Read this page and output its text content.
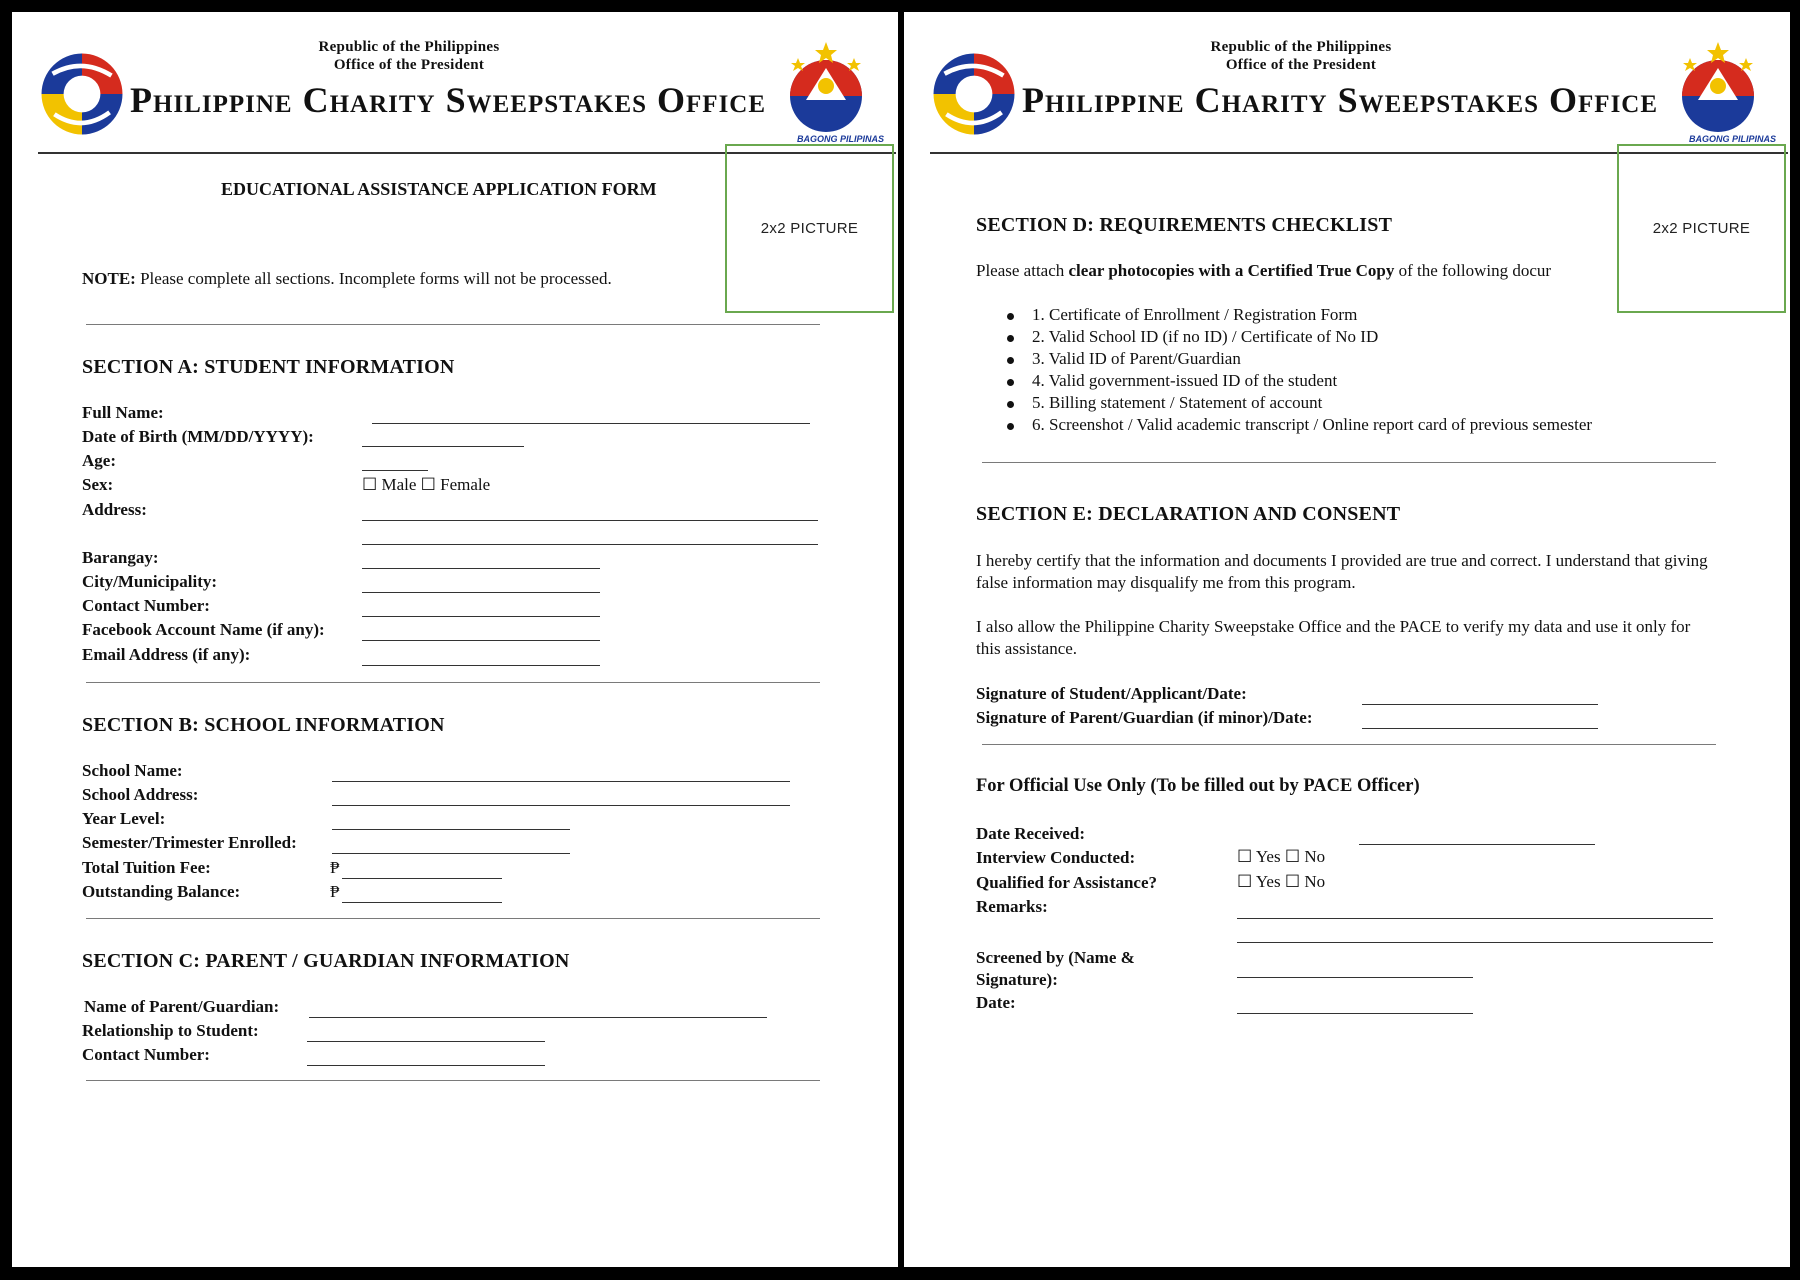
Republic of the Philippines
Office of the President
Philippine Charity Sweepstakes Office
BAGONG PILIPINAS
2x2 PICTURE
EDUCATIONAL ASSISTANCE APPLICATION FORM
NOTE: Please complete all sections. Incomplete forms will not be processed.
SECTION A: STUDENT INFORMATION
Full Name:
Date of Birth (MM/DD/YYYY):
Age:
Sex:	☐ Male ☐ Female
Address:
Barangay:
City/Municipality:
Contact Number:
Facebook Account Name (if any):
Email Address (if any):
SECTION B: SCHOOL INFORMATION
School Name:
School Address:
Year Level:
Semester/Trimester Enrolled:
Total Tuition Fee:	₱
Outstanding Balance:	₱
SECTION C: PARENT / GUARDIAN INFORMATION
Name of Parent/Guardian:
Relationship to Student:
Contact Number:
Republic of the Philippines
Office of the President
Philippine Charity Sweepstakes Office
BAGONG PILIPINAS
SECTION D: REQUIREMENTS CHECKLIST
Please attach clear photocopies with a Certified True Copy of the following docur
2x2 PICTURE
1. Certificate of Enrollment / Registration Form
2. Valid School ID (if no ID) / Certificate of No ID
3. Valid ID of Parent/Guardian
4. Valid government-issued ID of the student
5. Billing statement / Statement of account
6. Screenshot / Valid academic transcript / Online report card of previous semester
SECTION E: DECLARATION AND CONSENT
I hereby certify that the information and documents I provided are true and correct. I understand that giving false information may disqualify me from this program.
I also allow the Philippine Charity Sweepstake Office and the PACE to verify my data and use it only for this assistance.
Signature of Student/Applicant/Date:
Signature of Parent/Guardian (if minor)/Date:
For Official Use Only (To be filled out by PACE Officer)
Date Received:
Interview Conducted:	☐ Yes ☐ No
Qualified for Assistance?	☐ Yes ☐ No
Remarks:
Screened by (Name & Signature):
Date:
